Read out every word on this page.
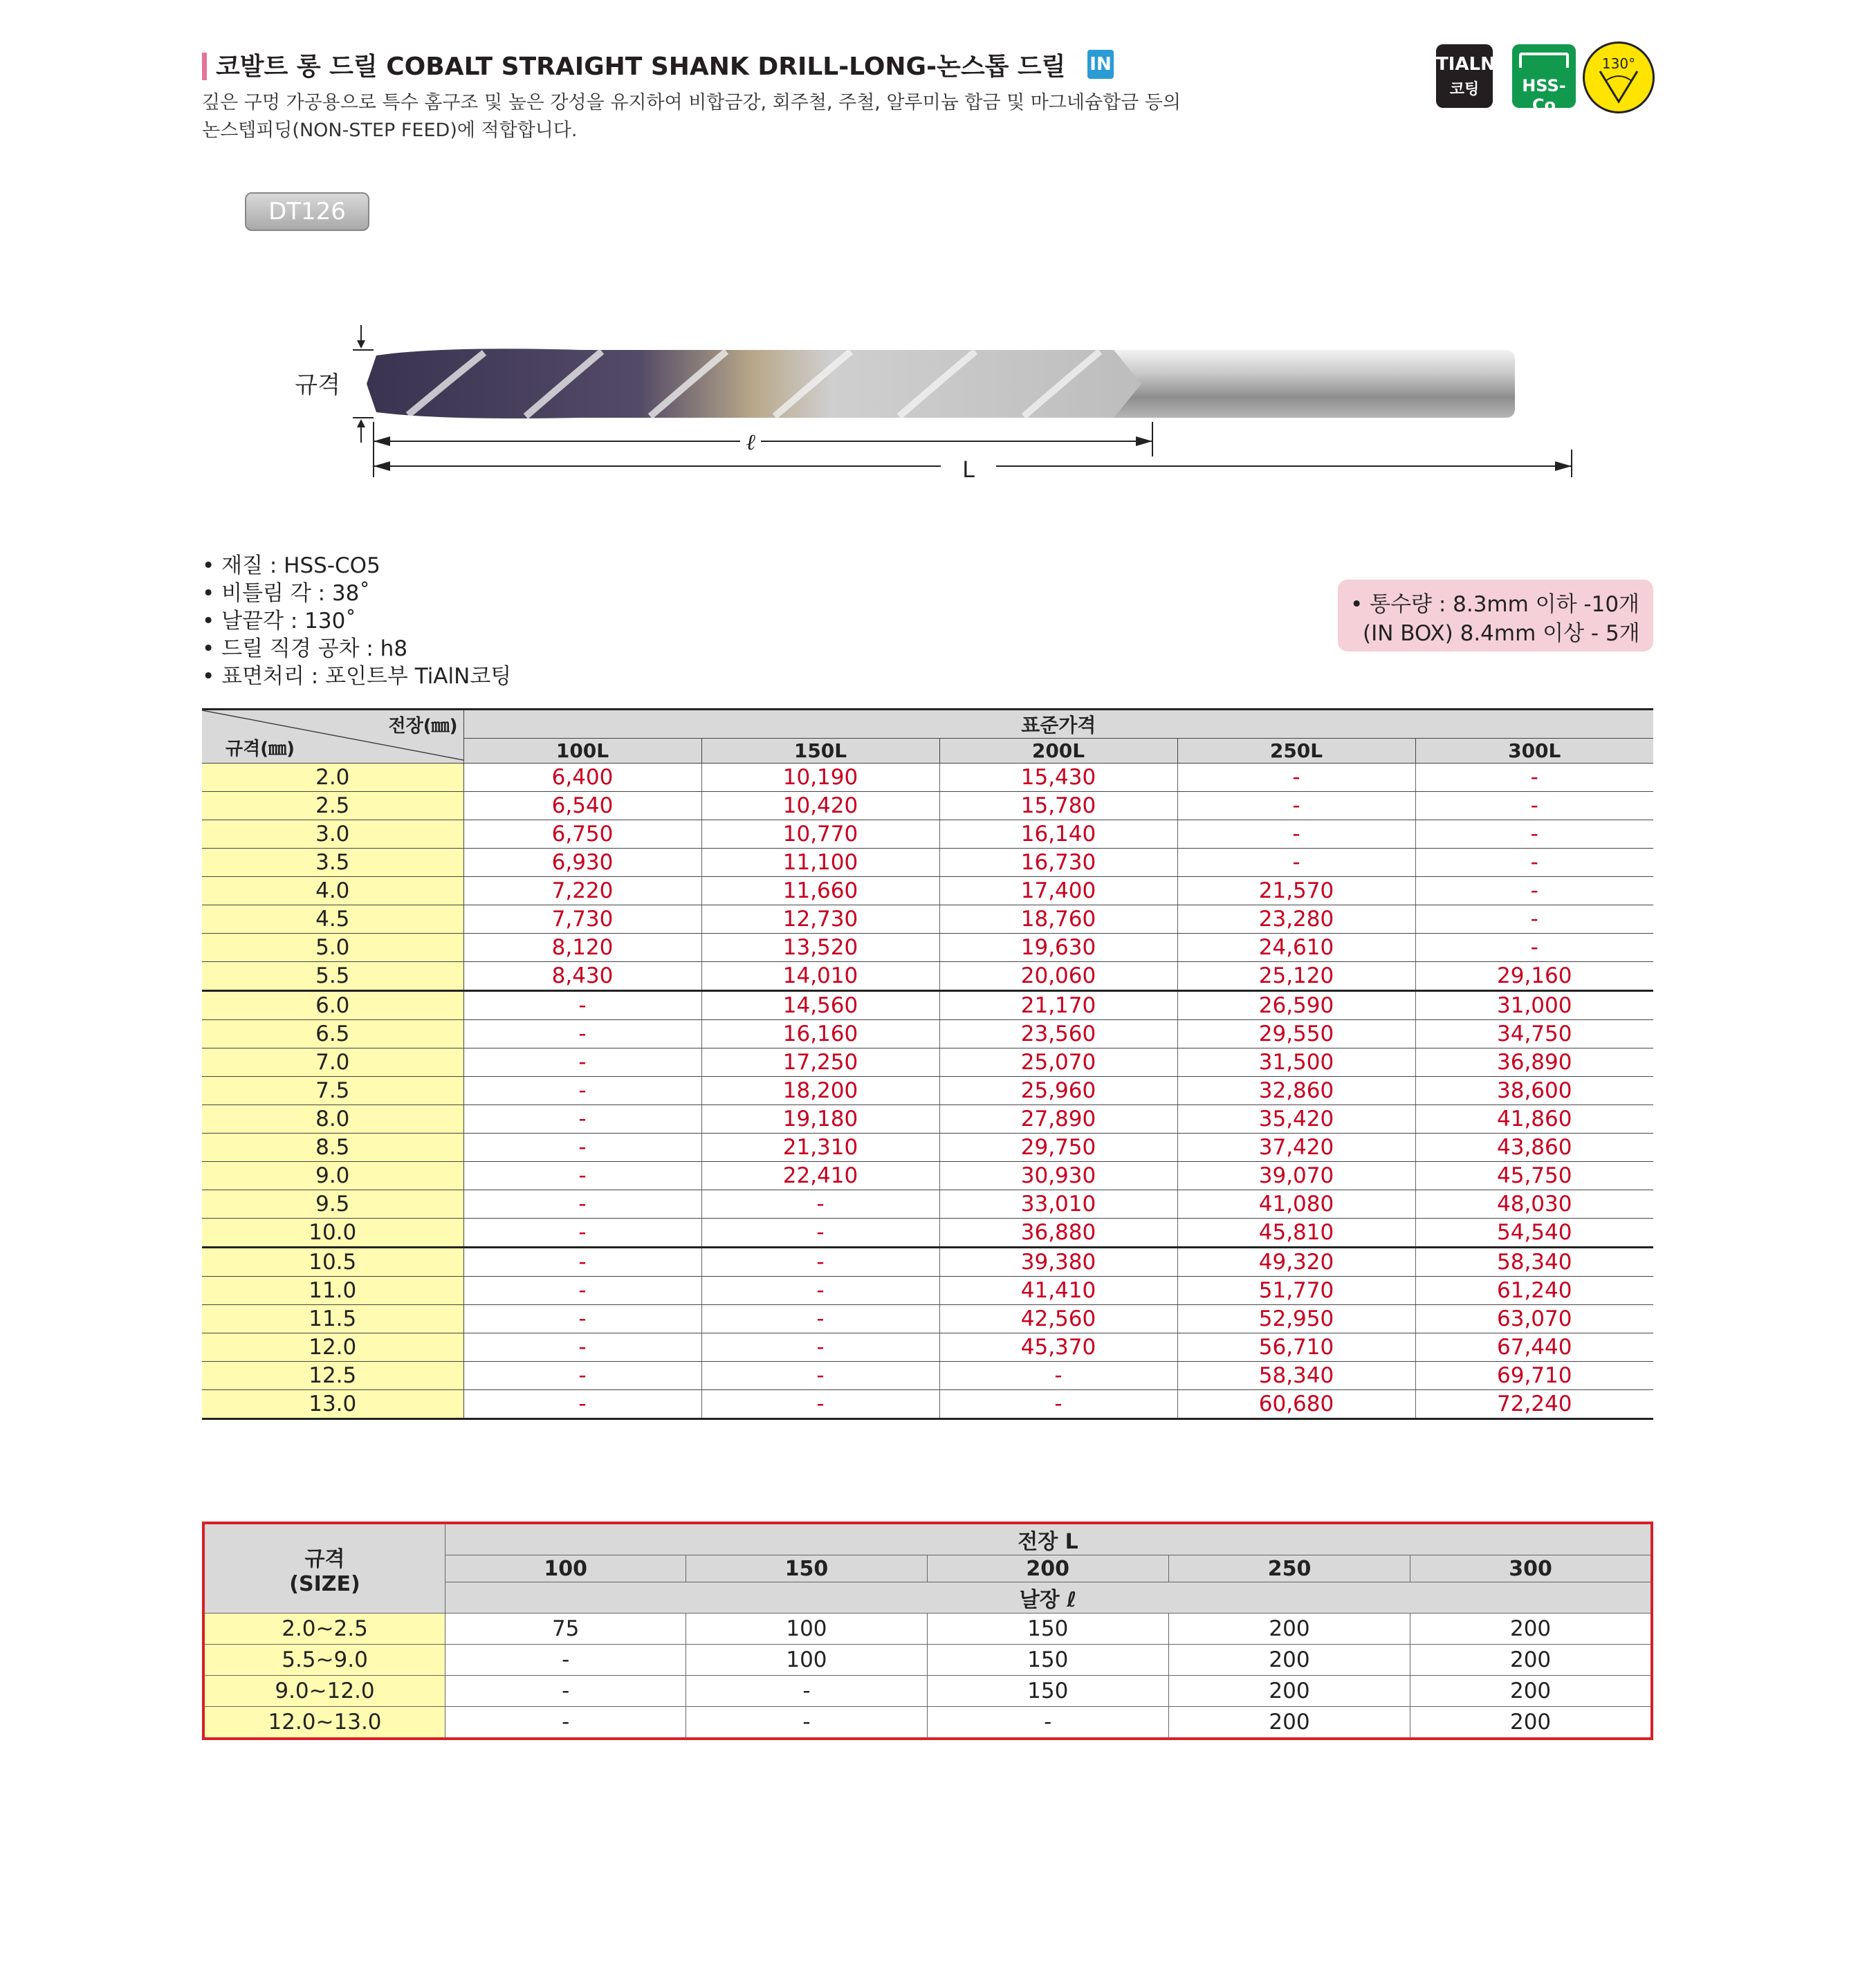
코발트 롱 드릴 COBALT STRAIGHT SHANK DRILL-LONG-논스톱 드릴 IN
깊은 구멍 가공용으로 특수 홈구조 및 높은 강성을 유지하여 비합금강, 회주철, 주철, 알루미늄 합금 및 마그네슘합금 등의
논스텝피딩(NON-STEP FEED)에 적합합니다.
TIALN
코팅	HSS-Co
130°
DT126
규격
ℓ
L
• 재질 : HSS-CO5
• 비틀림 각 : 38˚
• 날끝각 : 130˚
• 드릴 직경 공차 : h8
• 표면처리 : 포인트부 TiAlN코팅
• 통수량 : 8.3mm 이하 -10개
(IN BOX) 8.4mm 이상 - 5개
전장(㎜)
규격(㎜)	표준가격				
	100L	150L	200L	250L	300L
2.0	6,400	10,190	15,430	-	-
2.5	6,540	10,420	15,780	-	-
3.0	6,750	10,770	16,140	-	-
3.5	6,930	11,100	16,730	-	-
4.0	7,220	11,660	17,400	21,570	-
4.5	7,730	12,730	18,760	23,280	-
5.0	8,120	13,520	19,630	24,610	-
5.5	8,430	14,010	20,060	25,120	29,160
6.0	-	14,560	21,170	26,590	31,000
6.5	-	16,160	23,560	29,550	34,750
7.0	-	17,250	25,070	31,500	36,890
7.5	-	18,200	25,960	32,860	38,600
8.0	-	19,180	27,890	35,420	41,860
8.5	-	21,310	29,750	37,420	43,860
9.0	-	22,410	30,930	39,070	45,750
9.5	-	-	33,010	41,080	48,030
10.0	-	-	36,880	45,810	54,540
10.5	-	-	39,380	49,320	58,340
11.0	-	-	41,410	51,770	61,240
11.5	-	-	42,560	52,950	63,070
12.0	-	-	45,370	56,710	67,440
12.5	-	-	-	58,340	69,710
13.0	-	-	-	60,680	72,240
규격
(SIZE)	전장 L				
	100	150	200	250	300
	날장 ℓ				
2.0~2.5	75	100	150	200	200
5.5~9.0	-	100	150	200	200
9.0~12.0	-	-	150	200	200
12.0~13.0	-	-	-	200	200
